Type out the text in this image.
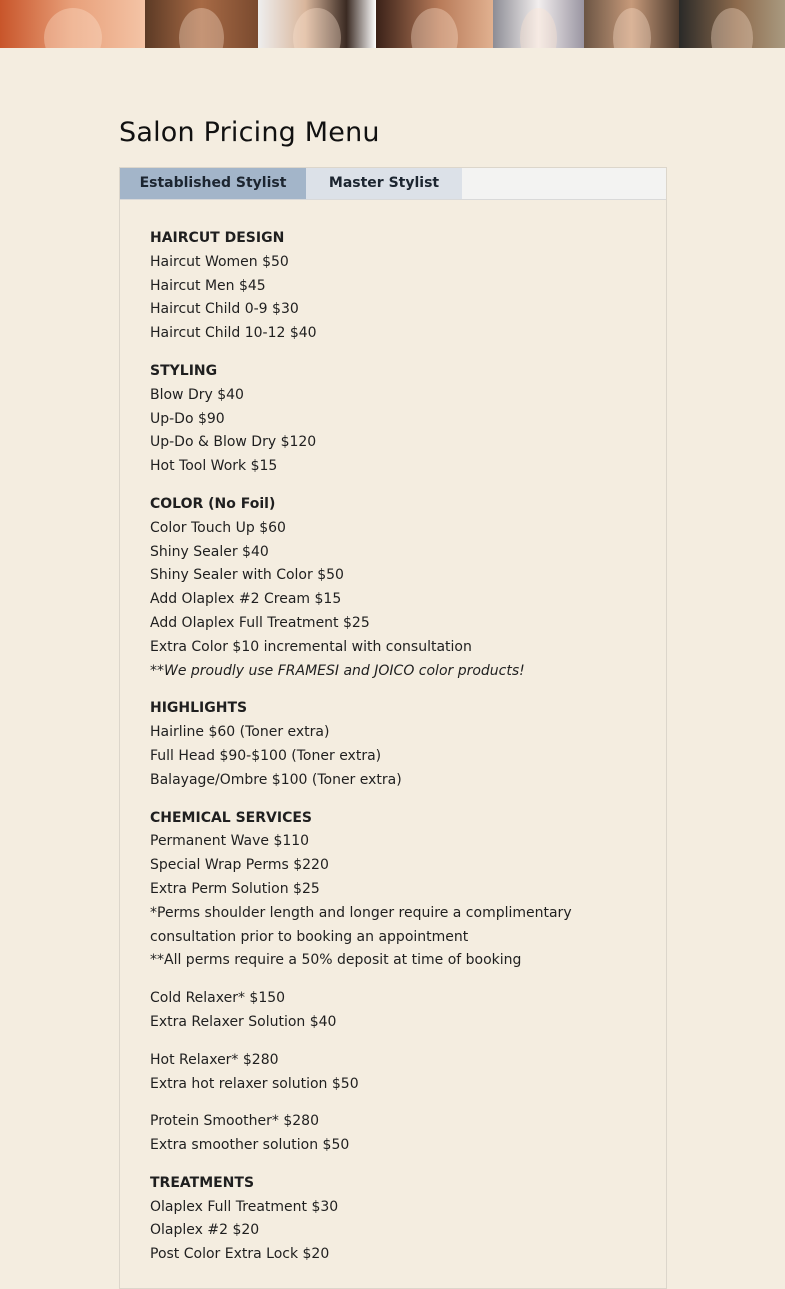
Salon Pricing Menu
Established Stylist	Master Stylist
HAIRCUT DESIGN
Haircut Women $50
Haircut Men $45
Haircut Child 0-9 $30
Haircut Child 10-12 $40
STYLING
Blow Dry $40
Up-Do $90
Up-Do & Blow Dry $120
Hot Tool Work $15
COLOR (No Foil)
Color Touch Up $60
Shiny Sealer $40
Shiny Sealer with Color $50
Add Olaplex #2 Cream $15
Add Olaplex Full Treatment $25
Extra Color $10 incremental with consultation
**We proudly use FRAMESI and JOICO color products!
HIGHLIGHTS
Hairline $60 (Toner extra)
Full Head $90-$100 (Toner extra)
Balayage/Ombre $100 (Toner extra)
CHEMICAL SERVICES
Permanent Wave $110
Special Wrap Perms $220
Extra Perm Solution $25
*Perms shoulder length and longer require a complimentary
consultation prior to booking an appointment
**All perms require a 50% deposit at time of booking
Cold Relaxer* $150
Extra Relaxer Solution $40
Hot Relaxer* $280
Extra hot relaxer solution $50
Protein Smoother* $280
Extra smoother solution $50
TREATMENTS
Olaplex Full Treatment $30
Olaplex #2 $20
Post Color Extra Lock $20
